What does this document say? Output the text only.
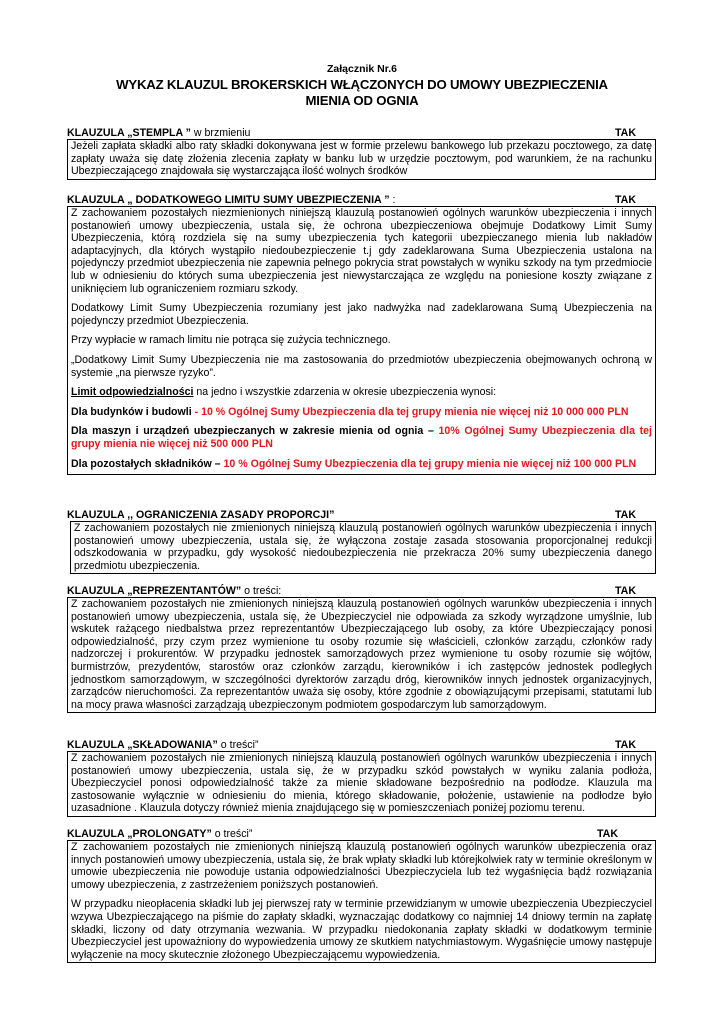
Załącznik Nr.6
WYKAZ KLAUZUL BROKERSKICH WŁĄCZONYCH DO UMOWY UBEZPIECZENIA
MIENIA OD OGNIA
KLAUZULA „STEMPLA ” w brzmieniu	TAK

Jeżeli zapłata składki albo raty składki dokonywana jest w formie przelewu bankowego lub przekazu pocztowego, za datę zapłaty uważa się datę złożenia zlecenia zapłaty w banku lub w urzędzie pocztowym, pod warunkiem, że na rachunku Ubezpieczającego znajdowała się wystarczająca ilość wolnych środków

KLAUZULA „ DODATKOWEGO LIMITU SUMY UBEZPIECZENIA ” :	TAK

Z zachowaniem pozostałych niezmienionych niniejszą klauzulą postanowień ogólnych warunków ubezpieczenia i innych postanowień umowy ubezpieczenia, ustala się, że ochrona ubezpieczeniowa obejmuje Dodatkowy Limit Sumy Ubezpieczenia, którą rozdziela się na sumy ubezpieczenia tych kategorii ubezpieczanego mienia lub nakładów adaptacyjnych, dla których wystąpiło niedoubezpieczenie t.j gdy zadeklarowana Suma Ubezpieczenia ustalona na pojedynczy przedmiot ubezpieczenia nie zapewnia pełnego pokrycia strat powstałych w wyniku szkody na tym przedmiocie lub w odniesieniu do których suma ubezpieczenia jest niewystarczająca ze względu na poniesione koszty związane z uniknięciem lub ograniczeniem rozmiaru szkody.

Dodatkowy Limit Sumy Ubezpieczenia rozumiany jest jako nadwyżka nad zadeklarowana Sumą Ubezpieczenia na pojedynczy przedmiot Ubezpieczenia.

Przy wypłacie w ramach limitu nie potrąca się zużycia technicznego.

„Dodatkowy Limit Sumy Ubezpieczenia nie ma zastosowania do przedmiotów ubezpieczenia obejmowanych ochroną w systemie „na pierwsze ryzyko”.

Limit odpowiedzialności na jedno i wszystkie zdarzenia w okresie ubezpieczenia wynosi:

Dla budynków i budowli - 10 % Ogólnej Sumy Ubezpieczenia dla tej grupy mienia nie więcej niż 10 000 000 PLN

Dla maszyn i urządzeń ubezpieczanych w zakresie mienia od ognia – 10% Ogólnej Sumy Ubezpieczenia dla tej grupy mienia nie więcej niż 500 000 PLN

Dla pozostałych składników – 10 % Ogólnej Sumy Ubezpieczenia dla tej grupy mienia nie więcej niż 100 000 PLN

KLAUZULA ,, OGRANICZENIA ZASADY PROPORCJI”	TAK

Z zachowaniem pozostałych nie zmienionych niniejszą klauzulą postanowień ogólnych warunków ubezpieczenia i innych postanowień umowy ubezpieczenia, ustala się, że wyłączona zostaje zasada stosowania proporcjonalnej redukcji odszkodowania w przypadku, gdy wysokość niedoubezpieczenia nie przekracza 20% sumy ubezpieczenia danego przedmiotu ubezpieczenia.

KLAUZULA „REPREZENTANTÓW” o treści:	TAK

Z zachowaniem pozostałych nie zmienionych niniejszą klauzulą postanowień ogólnych warunków ubezpieczenia i innych postanowień umowy ubezpieczenia, ustala się, że Ubezpieczyciel nie odpowiada za szkody wyrządzone umyślnie, lub wskutek rażącego niedbalstwa przez reprezentantów Ubezpieczającego lub osoby, za które Ubezpieczający ponosi odpowiedzialność, przy czym przez wymienione tu osoby rozumie się właścicieli, członków zarządu, członków rady nadzorczej i prokurentów. W przypadku jednostek samorządowych przez wymienione tu osoby rozumie się wójtów, burmistrzów, prezydentów, starostów oraz członków zarządu, kierowników i ich zastępców jednostek podległych jednostkom samorządowym, w szczególności dyrektorów zarządu dróg, kierowników innych jednostek organizacyjnych, zarządców nieruchomości. Za reprezentantów uważa się osoby, które zgodnie z obowiązującymi przepisami, statutami lub na mocy prawa własności zarządzają ubezpieczonym podmiotem gospodarczym lub samorządowym.

KLAUZULA „SKŁADOWANIA” o treści”	TAK

Z zachowaniem pozostałych nie zmienionych niniejszą klauzulą postanowień ogólnych warunków ubezpieczenia i innych postanowień umowy ubezpieczenia, ustala się, że w przypadku szkód powstałych w wyniku zalania podłoża, Ubezpieczyciel ponosi odpowiedzialność także za mienie składowane bezpośrednio na podłodze. Klauzula ma zastosowanie wyłącznie w odniesieniu do mienia, którego składowanie, położenie, ustawienie na podłodze było uzasadnione . Klauzula dotyczy również mienia znajdującego się w pomieszczeniach poniżej poziomu terenu.

KLAUZULA „PROLONGATY” o treści”	TAK

Z zachowaniem pozostałych nie zmienionych niniejszą klauzulą postanowień ogólnych warunków ubezpieczenia oraz innych postanowień umowy ubezpieczenia, ustala się, że brak wpłaty składki lub którejkolwiek raty w terminie określonym w umowie ubezpieczenia nie powoduje ustania odpowiedzialności Ubezpieczyciela lub też wygaśnięcia bądź rozwiązania umowy ubezpieczenia, z zastrzeżeniem poniższych postanowień.

W przypadku nieopłacenia składki lub jej pierwszej raty w terminie przewidzianym w umowie ubezpieczenia Ubezpieczyciel wzywa Ubezpieczającego na piśmie do zapłaty składki, wyznaczając dodatkowy co najmniej 14 dniowy termin na zapłatę składki, liczony od daty otrzymania wezwania. W przypadku niedokonania zapłaty składki w dodatkowym terminie Ubezpieczyciel jest upoważniony do wypowiedzenia umowy ze skutkiem natychmiastowym. Wygaśnięcie umowy następuje wyłączenie na mocy skutecznie złożonego Ubezpieczającemu wypowiedzenia.
